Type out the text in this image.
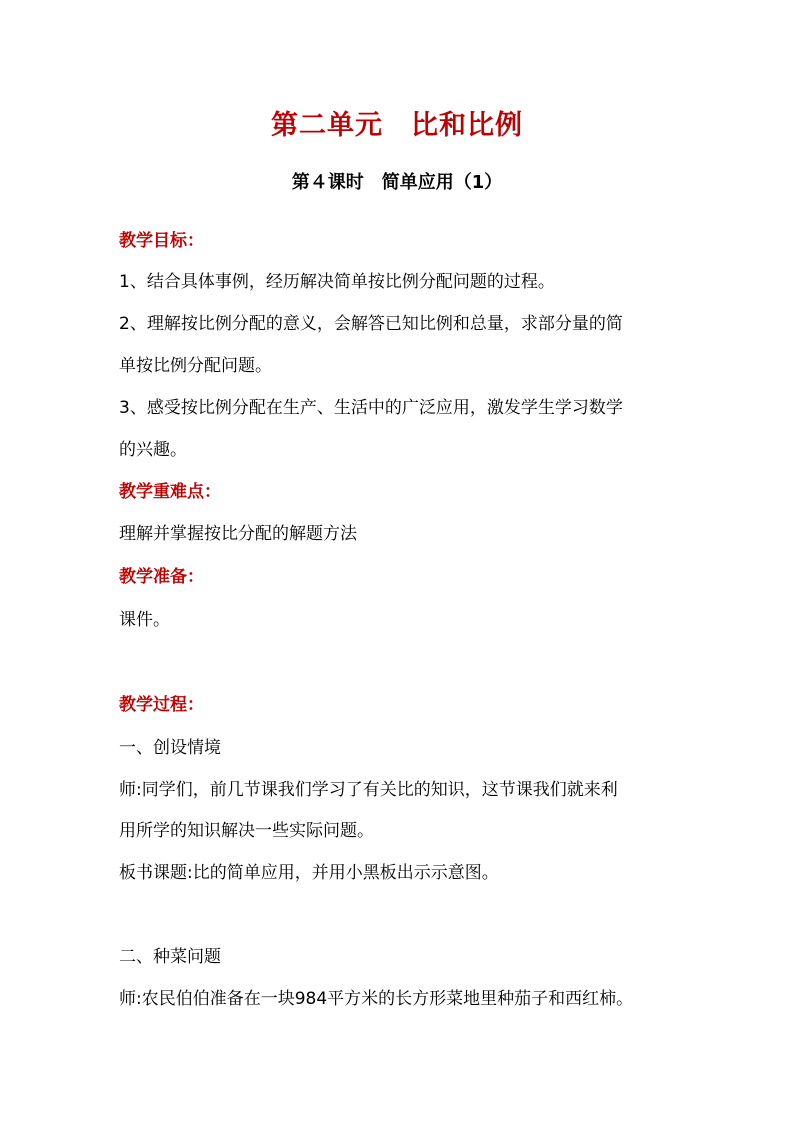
第二单元　比和比例
第４课时　简单应用（1）
教学目标：
1、结合具体事例，经历解决简单按比例分配问题的过程。
2、理解按比例分配的意义，会解答已知比例和总量，求部分量的简
单按比例分配问题。
3、感受按比例分配在生产、生活中的广泛应用，激发学生学习数学
的兴趣。
教学重难点：
理解并掌握按比分配的解题方法
教学准备：
课件。
教学过程：
一、创设情境
师:同学们，前几节课我们学习了有关比的知识，这节课我们就来利
用所学的知识解决一些实际问题。
板书课题:比的简单应用，并用小黑板出示示意图。
二、种菜问题
师:农民伯伯准备在一块984平方米的长方形菜地里种茄子和西红柿。
